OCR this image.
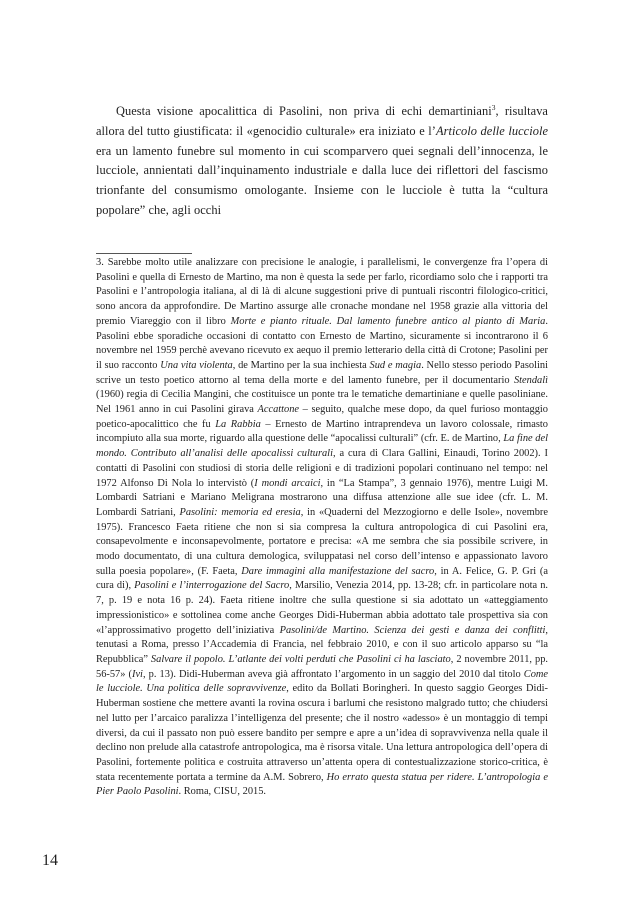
Questa visione apocalittica di Pasolini, non priva di echi demartiniani$^3$, risultava allora del tutto giustificata: il «genocidio culturale» era iniziato e l’Articolo delle lucciole era un lamento funebre sul momento in cui scomparvero quei segnali dell’innocenza, le lucciole, annientati dall’inquinamento industriale e dalla luce dei riflettori del fascismo trionfante del consumismo omologante. Insieme con le lucciole è tutta la “cultura popolare” che, agli occhi

3. Sarebbe molto utile analizzare con precisione le analogie, i parallelismi, le convergenze fra l’opera di Pasolini e quella di Ernesto de Martino, ma non è questa la sede per farlo, ricordiamo solo che i rapporti tra Pasolini e l’antropologia italiana, al di là di alcune suggestioni prive di puntuali riscontri filologico-critici, sono ancora da approfondire. De Martino assurge alle cronache mondane nel 1958 grazie alla vittoria del premio Viareggio con il libro Morte e pianto rituale. Dal lamento funebre antico al pianto di Maria. Pasolini ebbe sporadiche occasioni di contatto con Ernesto de Martino, sicuramente si incontrarono il 6 novembre nel 1959 perchè avevano ricevuto ex aequo il premio letterario della città di Crotone; Pasolini per il suo racconto Una vita violenta, de Martino per la sua inchiesta Sud e magia. Nello stesso periodo Pasolini scrive un testo poetico attorno al tema della morte e del lamento funebre, per il documentario Stendalì (1960) regia di Cecilia Mangini, che costituisce un ponte tra le tematiche demartiniane e quelle pasoliniane. Nel 1961 anno in cui Pasolini girava Accattone – seguito, qualche mese dopo, da quel furioso montaggio poetico-apocalittico che fu La Rabbia – Ernesto de Martino intraprendeva un lavoro colossale, rimasto incompiuto alla sua morte, riguardo alla questione delle “apocalissi culturali” (cfr. E. de Martino, La fine del mondo. Contributo all’analisi delle apocalissi culturali, a cura di Clara Gallini, Einaudi, Torino 2002). I contatti di Pasolini con studiosi di storia delle religioni e di tradizioni popolari continuano nel tempo: nel 1972 Alfonso Di Nola lo intervistò (I mondi arcaici, in “La Stampa”, 3 gennaio 1976), mentre Luigi M. Lombardi Satriani e Mariano Meligrana mostrarono una diffusa attenzione alle sue idee (cfr. L. M. Lombardi Satriani, Pasolini: memoria ed eresia, in «Quaderni del Mezzogiorno e delle Isole», novembre 1975). Francesco Faeta ritiene che non si sia compresa la cultura antropologica di cui Pasolini era, consapevolmente e inconsapevolmente, portatore e precisa: «A me sembra che sia possibile scrivere, in modo documentato, di una cultura demologica, sviluppatasi nel corso dell’intenso e appassionato lavoro sulla poesia popolare», (F. Faeta, Dare immagini alla manifestazione del sacro, in A. Felice, G. P. Gri (a cura di), Pasolini e l’interrogazione del Sacro, Marsilio, Venezia 2014, pp. 13-28; cfr. in particolare nota n. 7, p. 19 e nota 16 p. 24). Faeta ritiene inoltre che sulla questione si sia adottato un «atteggiamento impressionistico» e sottolinea come anche Georges Didi-Huberman abbia adottato tale prospettiva sia con «l’approssimativo progetto dell’iniziativa Pasolini/de Martino. Scienza dei gesti e danza dei conflitti, tenutasi a Roma, presso l’Accademia di Francia, nel febbraio 2010, e con il suo articolo apparso su “la Repubblica” Salvare il popolo. L’atlante dei volti perduti che Pasolini ci ha lasciato, 2 novembre 2011, pp. 56-57» (Ivi, p. 13). Didi-Huberman aveva già affrontato l’argomento in un saggio del 2010 dal titolo Come le lucciole. Una politica delle sopravvivenze, edito da Bollati Boringheri. In questo saggio Georges Didi-Huberman sostiene che mettere avanti la rovina oscura i barlumi che resistono malgrado tutto; che chiudersi nel lutto per l’arcaico paralizza l’intelligenza del presente; che il nostro «adesso» è un montaggio di tempi diversi, da cui il passato non può essere bandito per sempre e apre a un’idea di sopravvivenza nella quale il declino non prelude alla catastrofe antropologica, ma è risorsa vitale. Una lettura antropologica dell’opera di Pasolini, fortemente politica e costruita attraverso un’attenta opera di contestualizzazione storico-critica, è stata recentemente portata a termine da A.M. Sobrero, Ho errato questa statua per ridere. L’antropologia e Pier Paolo Pasolini. Roma, CISU, 2015.

14
